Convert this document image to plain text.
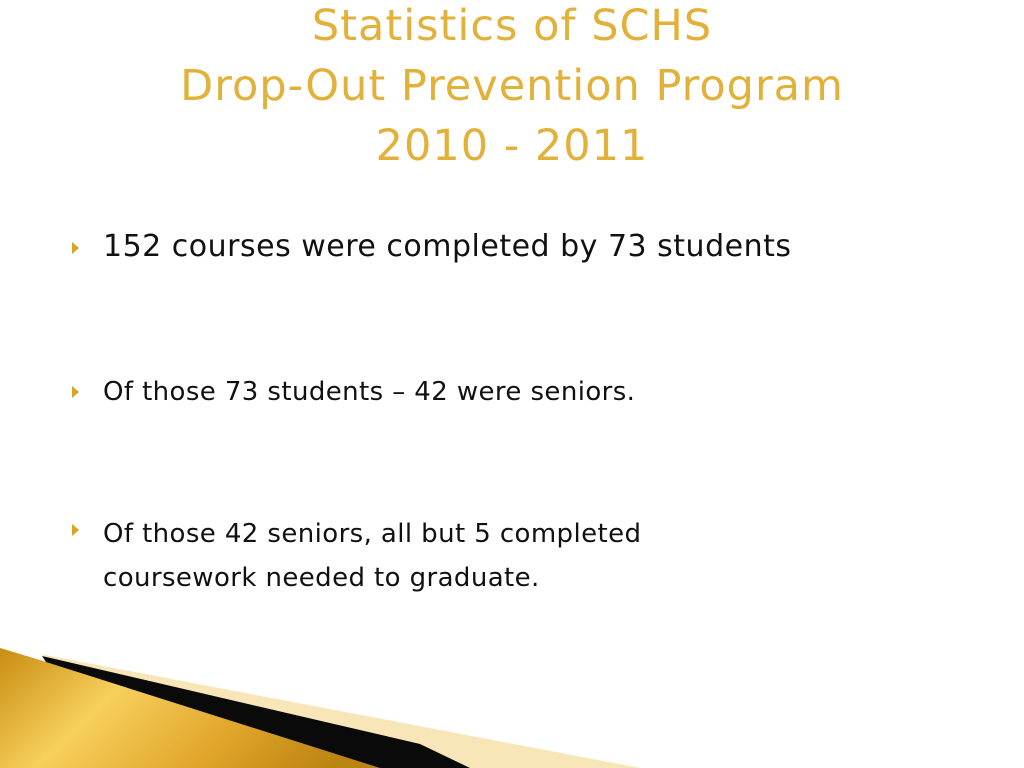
Statistics of SCHS
Drop-Out Prevention Program
2010 - 2011
152 courses were completed by 73 students
Of those 73 students – 42 were seniors.
Of those 42 seniors, all but 5 completed
coursework needed to graduate.
